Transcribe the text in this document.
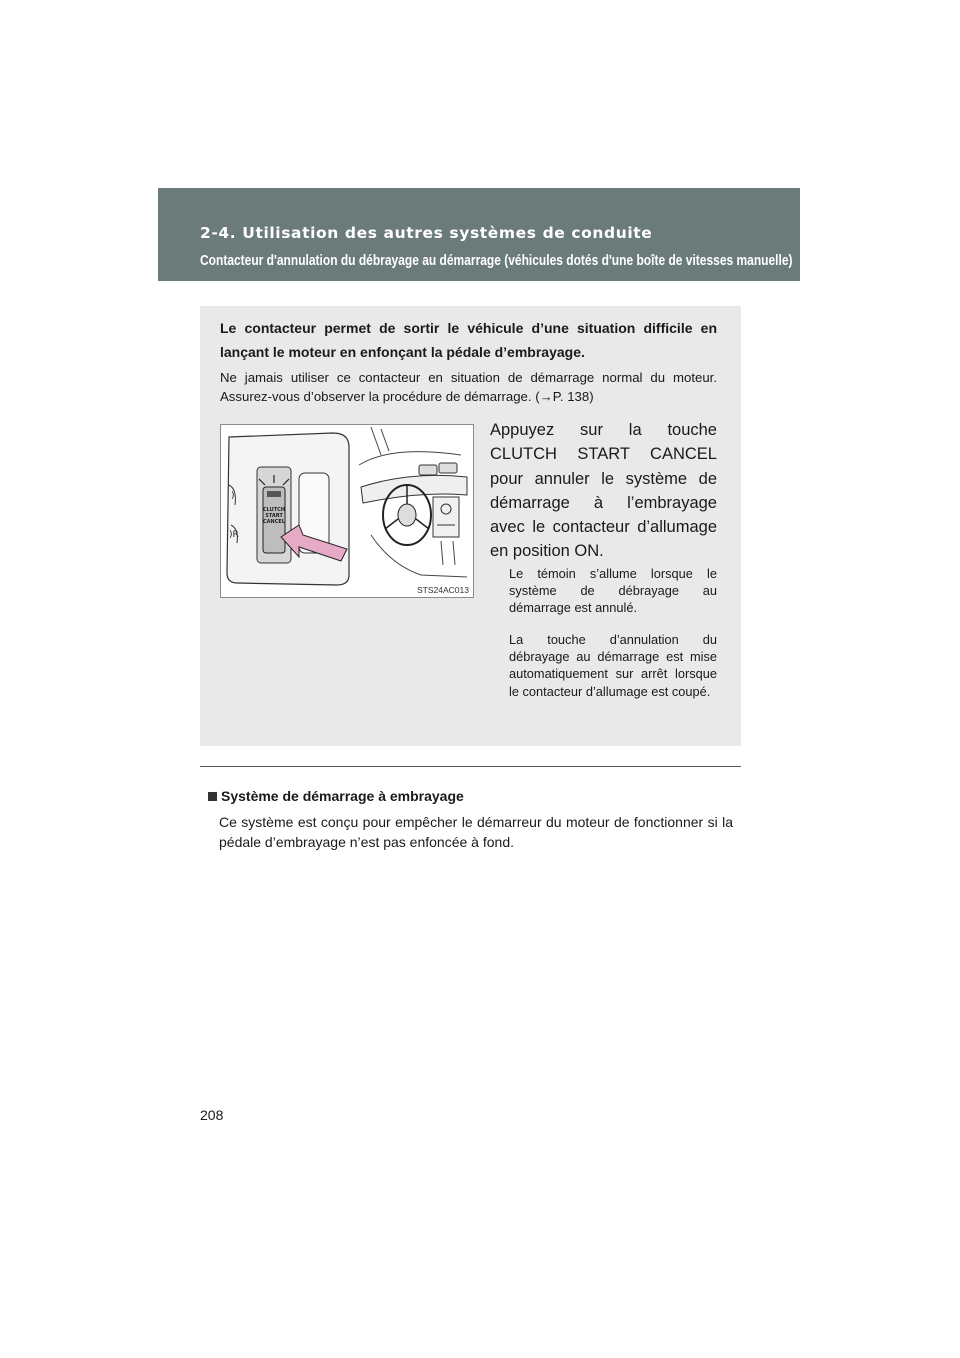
2-4. Utilisation des autres systèmes de conduite
Contacteur d'annulation du débrayage au démarrage (véhicules dotés d'une boîte de vitesses manuelle)
Le contacteur permet de sortir le véhicule d’une situation difficile en lançant le moteur en enfonçant la pédale d’embrayage.
Ne jamais utiliser ce contacteur en situation de démarrage normal du moteur. Assurez-vous d’observer la procédure de démarrage. (→P. 138)
)
)R
CLUTCH
START
CANCEL
STS24AC013
Appuyez sur la touche CLUTCH START CANCEL pour annuler le système de démarrage à l’embrayage avec le contacteur d’allumage en position ON.
Le témoin s’allume lorsque le système de débrayage au démarrage est annulé.
La touche d’annulation du débrayage au démarrage est mise automatiquement sur arrêt lorsque le contacteur d’allumage est coupé.
Système de démarrage à embrayage
Ce système est conçu pour empêcher le démarreur du moteur de fonctionner si la pédale d’embrayage n’est pas enfoncée à fond.
208
